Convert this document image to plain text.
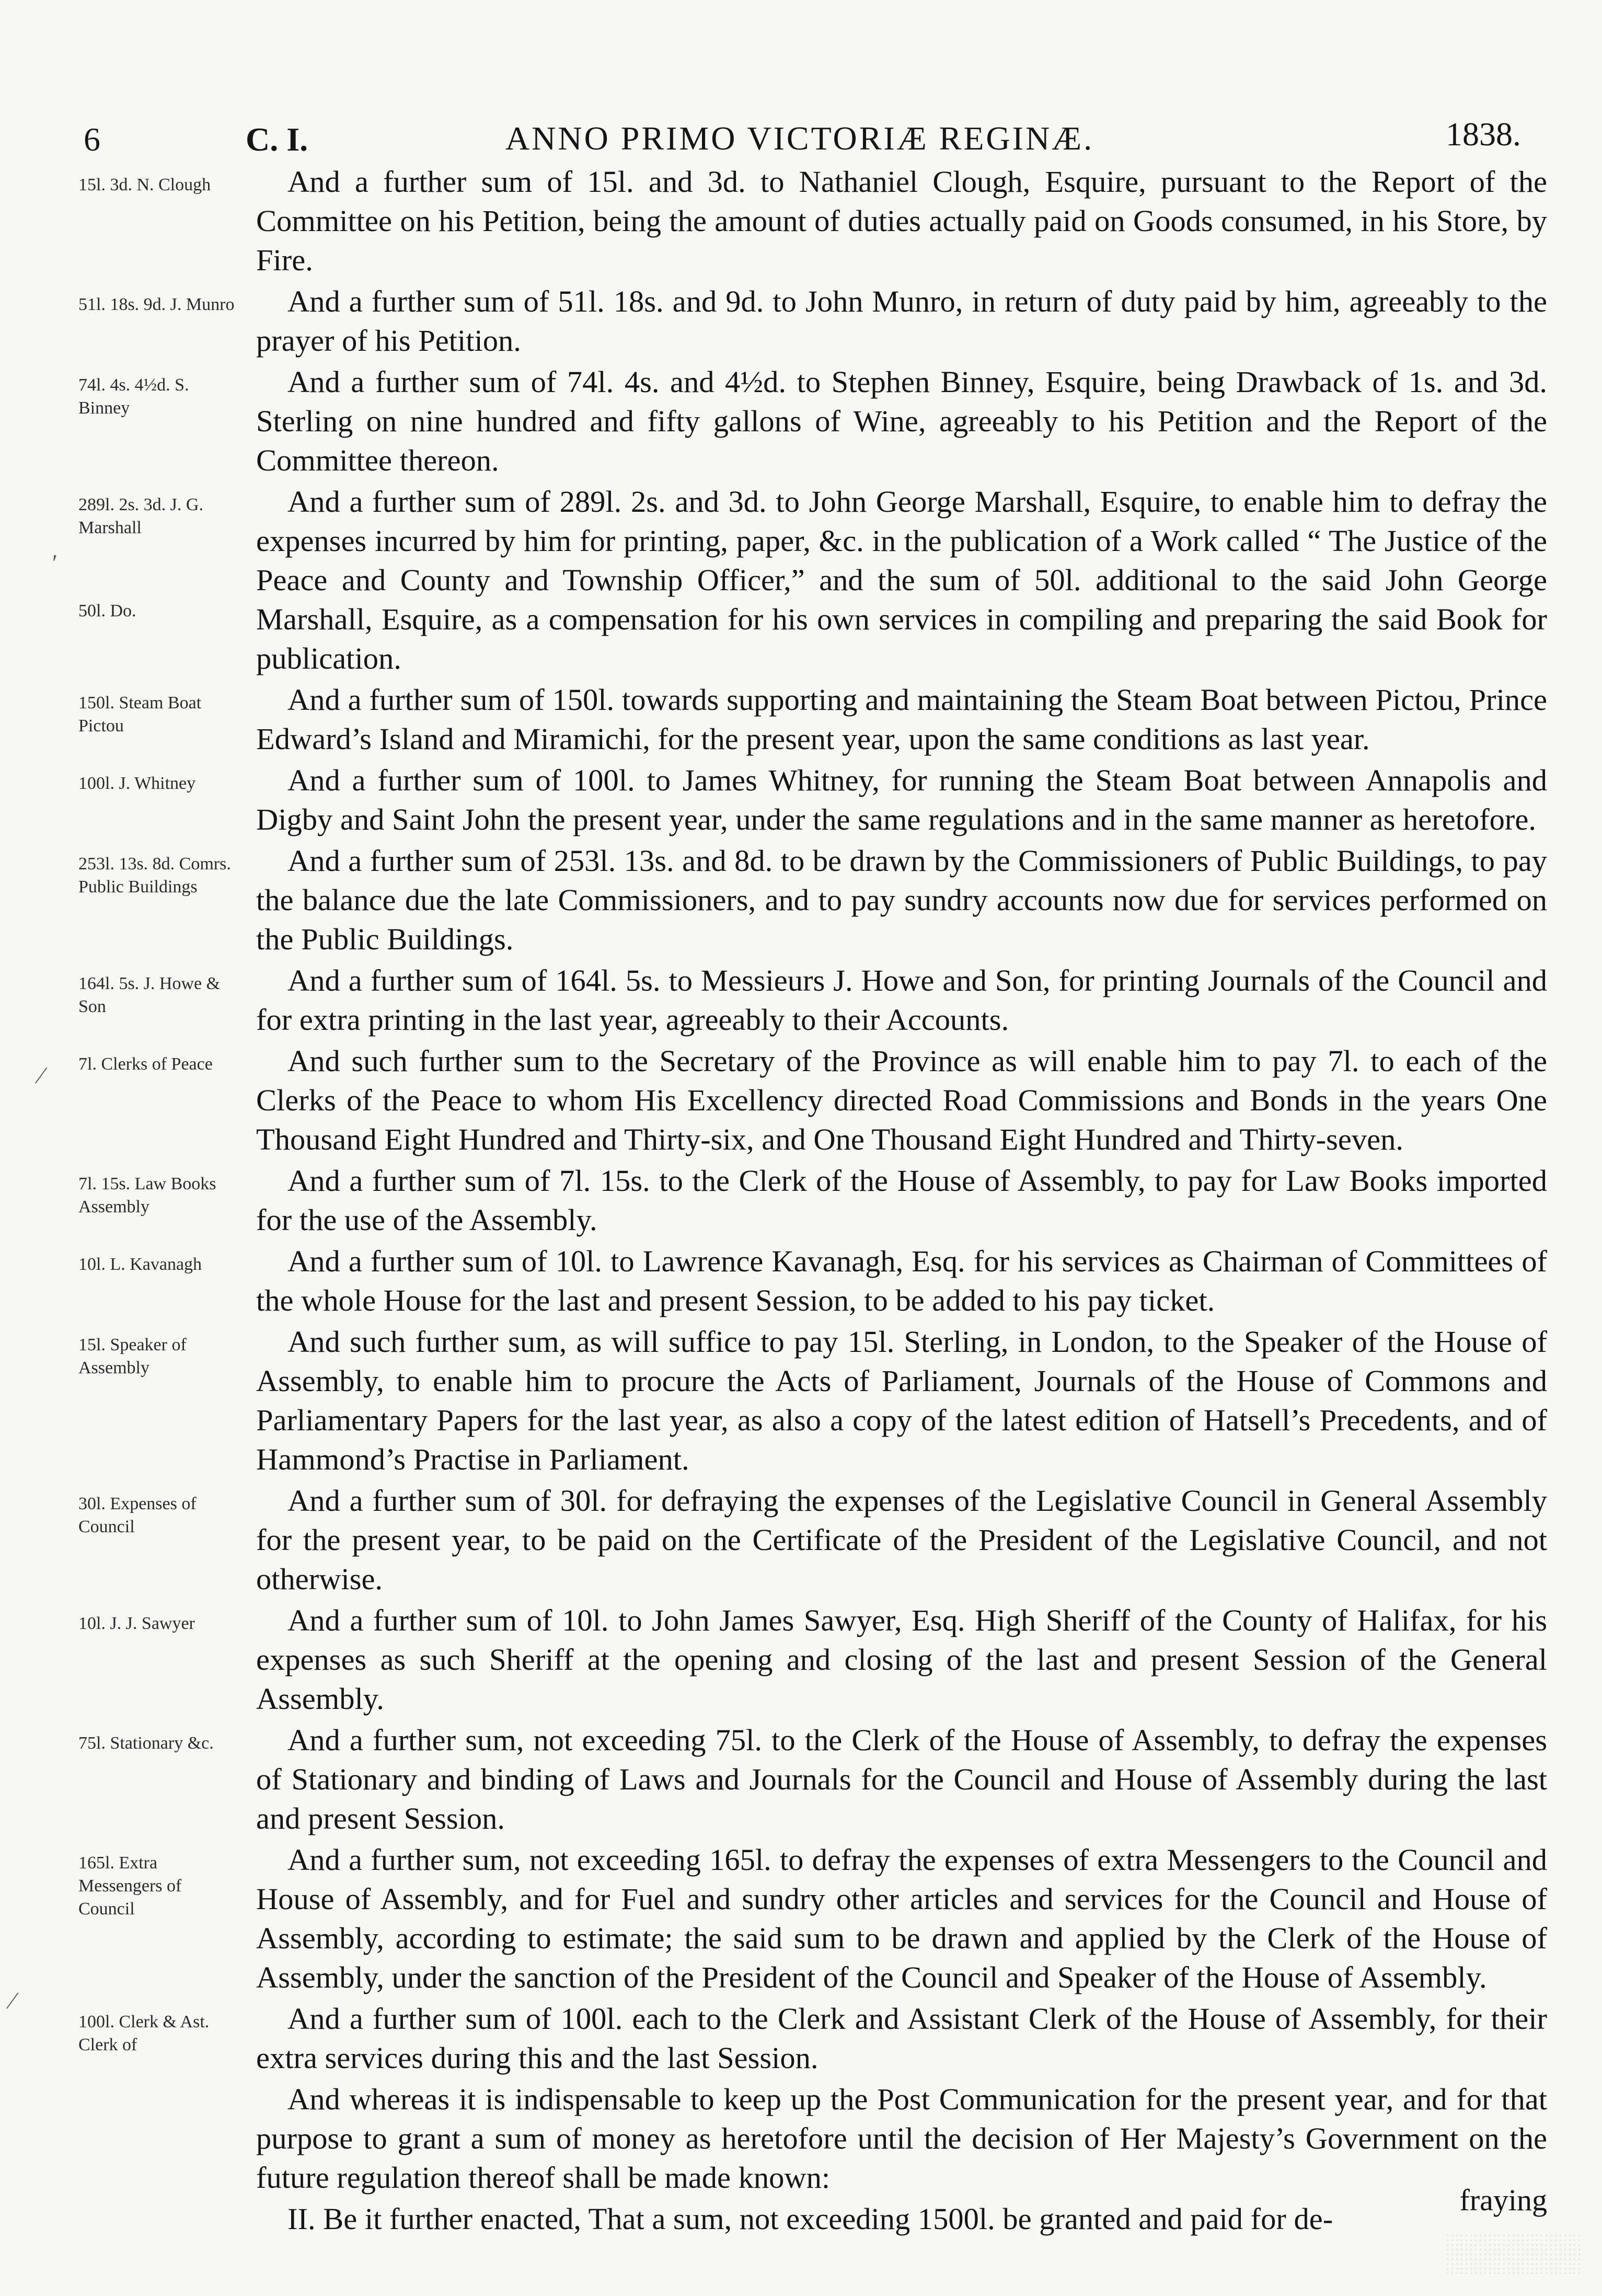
6	C. I.	ANNO PRIMO VICTORIÆ REGINÆ.	1838.
15l. 3d. N. Clough	And a further sum of 15l. and 3d. to Nathaniel Clough, Esquire, pursuant to the Report of the Committee on his Petition, being the amount of duties actually paid on Goods consumed, in his Store, by Fire.
51l. 18s. 9d. J. Munro	And a further sum of 51l. 18s. and 9d. to John Munro, in return of duty paid by him, agreeably to the prayer of his Petition.
74l. 4s. 4½d. S. Binney
And a further sum of 74l. 4s. and 4½d. to Stephen Binney, Esquire, being Drawback of 1s. and 3d. Sterling on nine hundred and fifty gallons of Wine, agreeably to his Petition and the Report of the Committee thereon.
289l. 2s. 3d. J. G. Marshall
50l. Do.
And a further sum of 289l. 2s. and 3d. to John George Marshall, Esquire, to enable him to defray the expenses incurred by him for printing, paper, &c. in the publication of a Work called “ The Justice of the Peace and County and Township Officer,” and the sum of 50l. additional to the said John George Marshall, Esquire, as a compensation for his own services in compiling and preparing the said Book for publication.
150l. Steam Boat Pictou
And a further sum of 150l. towards supporting and maintaining the Steam Boat between Pictou, Prince Edward’s Island and Miramichi, for the present year, upon the same conditions as last year.
100l. J. Whitney	And a further sum of 100l. to James Whitney, for running the Steam Boat between Annapolis and Digby and Saint John the present year, under the same regulations and in the same manner as heretofore.
253l. 13s. 8d. Comrs. Public Buildings
And a further sum of 253l. 13s. and 8d. to be drawn by the Commissioners of Public Buildings, to pay the balance due the late Commissioners, and to pay sundry accounts now due for services performed on the Public Buildings.
164l. 5s. J. Howe & Son
And a further sum of 164l. 5s. to Messieurs J. Howe and Son, for printing Journals of the Council and for extra printing in the last year, agreeably to their Accounts.
7l. Clerks of Peace	And such further sum to the Secretary of the Province as will enable him to pay 7l. to each of the Clerks of the Peace to whom His Excellency directed Road Commissions and Bonds in the years One Thousand Eight Hundred and Thirty-six, and One Thousand Eight Hundred and Thirty-seven.
7l. 15s. Law Books Assembly
And a further sum of 7l. 15s. to the Clerk of the House of Assembly, to pay for Law Books imported for the use of the Assembly.
10l. L. Kavanagh	And a further sum of 10l. to Lawrence Kavanagh, Esq. for his services as Chairman of Committees of the whole House for the last and present Session, to be added to his pay ticket.
15l. Speaker of Assembly
And such further sum, as will suffice to pay 15l. Sterling, in London, to the Speaker of the House of Assembly, to enable him to procure the Acts of Parliament, Journals of the House of Commons and Parliamentary Papers for the last year, as also a copy of the latest edition of Hatsell’s Precedents, and of Hammond’s Practise in Parliament.
30l. Expenses of Council
And a further sum of 30l. for defraying the expenses of the Legislative Council in General Assembly for the present year, to be paid on the Certificate of the President of the Legislative Council, and not otherwise.
10l. J. J. Sawyer	And a further sum of 10l. to John James Sawyer, Esq. High Sheriff of the County of Halifax, for his expenses as such Sheriff at the opening and closing of the last and present Session of the General Assembly.
75l. Stationary &c.	And a further sum, not exceeding 75l. to the Clerk of the House of Assembly, to defray the expenses of Stationary and binding of Laws and Journals for the Council and House of Assembly during the last and present Session.
165l. Extra Messengers of Council
And a further sum, not exceeding 165l. to defray the expenses of extra Messengers to the Council and House of Assembly, and for Fuel and sundry other articles and services for the Council and House of Assembly, according to estimate; the said sum to be drawn and applied by the Clerk of the House of Assembly, under the sanction of the President of the Council and Speaker of the House of Assembly.
100l. Clerk & Ast. Clerk of
And a further sum of 100l. each to the Clerk and Assistant Clerk of the House of Assembly, for their extra services during this and the last Session.
And whereas it is indispensable to keep up the Post Communication for the present year, and for that purpose to grant a sum of money as heretofore until the decision of Her Majesty’s Government on the future regulation thereof shall be made known:
II. Be it further enacted, That a sum, not exceeding 1500l. be granted and paid for de-
fraying
′
⁄
⁄
